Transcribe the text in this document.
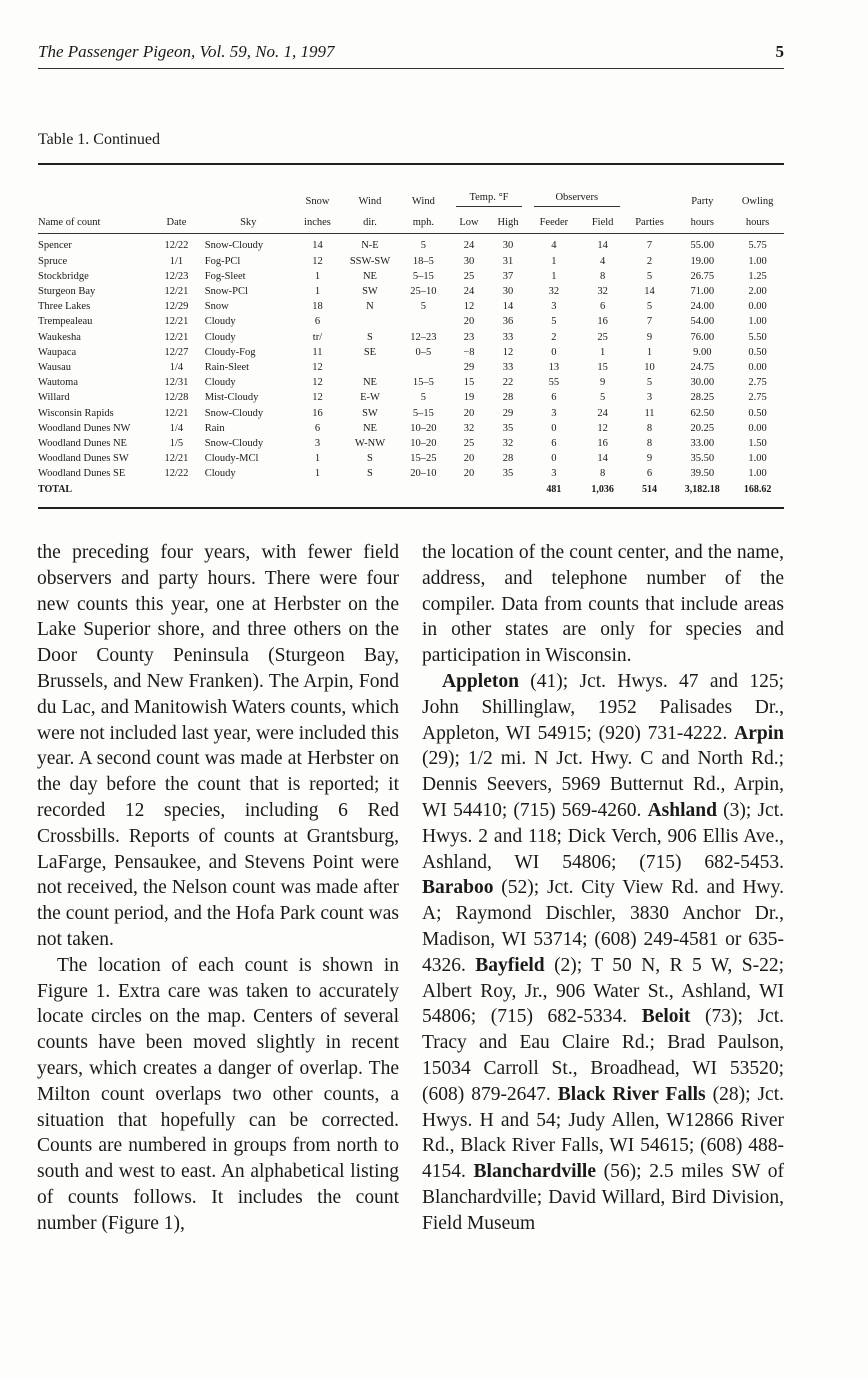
The Passenger Pigeon, Vol. 59, No. 1, 1997	5
Table 1. Continued
			Snow	Wind	Wind	Temp. °F		Observers			Party	Owling
Name of count	Date	Sky	inches	dir.	mph.	Low	High	Feeder	Field	Parties	hours	hours
Spencer	12/22	Snow-Cloudy	14	N-E	5	24	30	4	14	7	55.00	5.75
Spruce	1/1	Fog-PCl	12	SSW-SW	18–5	30	31	1	4	2	19.00	1.00
Stockbridge	12/23	Fog-Sleet	1	NE	5–15	25	37	1	8	5	26.75	1.25
Sturgeon Bay	12/21	Snow-PCl	1	SW	25–10	24	30	32	32	14	71.00	2.00
Three Lakes	12/29	Snow	18	N	5	12	14	3	6	5	24.00	0.00
Trempealeau	12/21	Cloudy	6			20	36	5	16	7	54.00	1.00
Waukesha	12/21	Cloudy	tr/	S	12–23	23	33	2	25	9	76.00	5.50
Waupaca	12/27	Cloudy-Fog	11	SE	0–5	−8	12	0	1	1	9.00	0.50
Wausau	1/4	Rain-Sleet	12			29	33	13	15	10	24.75	0.00
Wautoma	12/31	Cloudy	12	NE	15–5	15	22	55	9	5	30.00	2.75
Willard	12/28	Mist-Cloudy	12	E-W	5	19	28	6	5	3	28.25	2.75
Wisconsin Rapids	12/21	Snow-Cloudy	16	SW	5–15	20	29	3	24	11	62.50	0.50
Woodland Dunes NW	1/4	Rain	6	NE	10–20	32	35	0	12	8	20.25	0.00
Woodland Dunes NE	1/5	Snow-Cloudy	3	W-NW	10–20	25	32	6	16	8	33.00	1.50
Woodland Dunes SW	12/21	Cloudy-MCl	1	S	15–25	20	28	0	14	9	35.50	1.00
Woodland Dunes SE	12/22	Cloudy	1	S	20–10	20	35	3	8	6	39.50	1.00
TOTAL								481	1,036	514	3,182.18	168.62

the preceding four years, with fewer field observers and party hours. There were four new counts this year, one at Herbster on the Lake Superior shore, and three others on the Door County Peninsula (Sturgeon Bay, Brussels, and New Franken). The Arpin, Fond du Lac, and Manitowish Waters counts, which were not included last year, were included this year. A second count was made at Herbster on the day before the count that is reported; it recorded 12 species, including 6 Red Crossbills. Reports of counts at Grantsburg, LaFarge, Pensaukee, and Stevens Point were not received, the Nelson count was made after the count period, and the Hofa Park count was not taken.

The location of each count is shown in Figure 1. Extra care was taken to accurately locate circles on the map. Centers of several counts have been moved slightly in recent years, which creates a danger of overlap. The Milton count overlaps two other counts, a situation that hopefully can be corrected. Counts are numbered in groups from north to south and west to east. An alphabetical listing of counts follows. It includes the count number (Figure 1),

the location of the count center, and the name, address, and telephone number of the compiler. Data from counts that include areas in other states are only for species and participation in Wisconsin.

Appleton (41); Jct. Hwys. 47 and 125; John Shillinglaw, 1952 Palisades Dr., Appleton, WI 54915; (920) 731-4222. Arpin (29); 1/2 mi. N Jct. Hwy. C and North Rd.; Dennis Seevers, 5969 Butternut Rd., Arpin, WI 54410; (715) 569-4260. Ashland (3); Jct. Hwys. 2 and 118; Dick Verch, 906 Ellis Ave., Ashland, WI 54806; (715) 682-5453. Baraboo (52); Jct. City View Rd. and Hwy. A; Raymond Dischler, 3830 Anchor Dr., Madison, WI 53714; (608) 249-4581 or 635- 4326. Bayfield (2); T 50 N, R 5 W, S-22; Albert Roy, Jr., 906 Water St., Ashland, WI 54806; (715) 682-5334. Beloit (73); Jct. Tracy and Eau Claire Rd.; Brad Paulson, 15034 Carroll St., Broadhead, WI 53520; (608) 879-2647. Black River Falls (28); Jct. Hwys. H and 54; Judy Allen, W12866 River Rd., Black River Falls, WI 54615; (608) 488-4154. Blanchardville (56); 2.5 miles SW of Blanchardville; David Willard, Bird Division, Field Museum
